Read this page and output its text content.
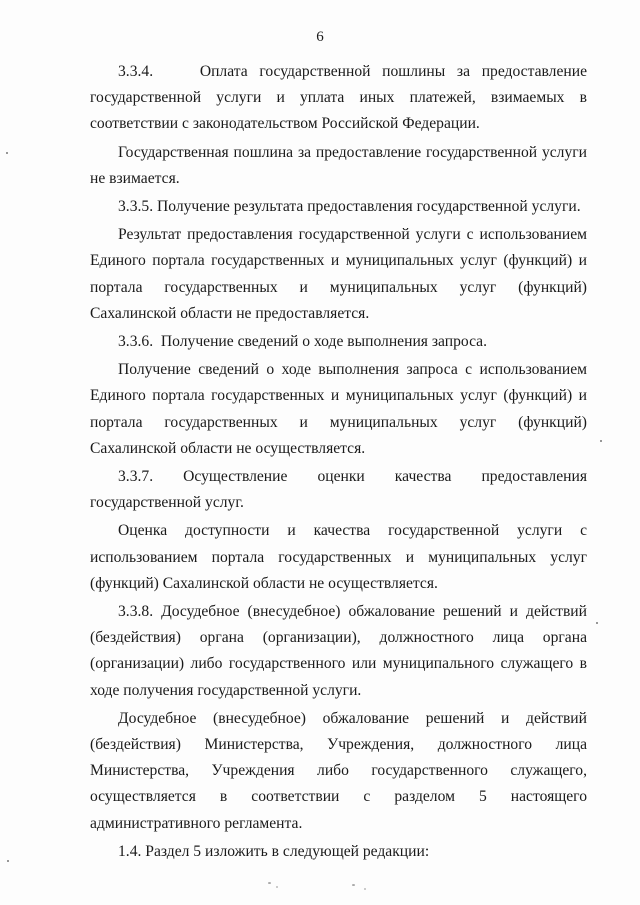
6

3.3.4.    Оплата государственной пошлины за предоставление государственной услуги и уплата иных платежей, взимаемых в соответствии с законодательством Российской Федерации.

Государственная пошлина за предоставление государственной услуги не взимается.

3.3.5. Получение результата предоставления государственной услуги.

Результат предоставления государственной услуги с использованием Единого портала государственных и муниципальных услуг (функций) и портала государственных и муниципальных услуг (функций) Сахалинской области не предоставляется.

3.3.6.  Получение сведений о ходе выполнения запроса.

Получение сведений о ходе выполнения запроса с использованием Единого портала государственных и муниципальных услуг (функций) и портала государственных и муниципальных услуг (функций) Сахалинской области не осуществляется.

3.3.7. Осуществление оценки качества предоставления государственной услуг.

Оценка доступности и качества государственной услуги с использованием портала государственных и муниципальных услуг (функций) Сахалинской области не осуществляется.

3.3.8. Досудебное (внесудебное) обжалование решений и действий (бездействия) органа (организации), должностного лица органа (организации) либо государственного или муниципального служащего в ходе получения государственной услуги.

Досудебное (внесудебное) обжалование решений и действий (бездействия) Министерства, Учреждения, должностного лица Министерства, Учреждения либо государственного служащего, осуществляется в соответствии с разделом 5 настоящего административного регламента.

1.4. Раздел 5 изложить в следующей редакции:
